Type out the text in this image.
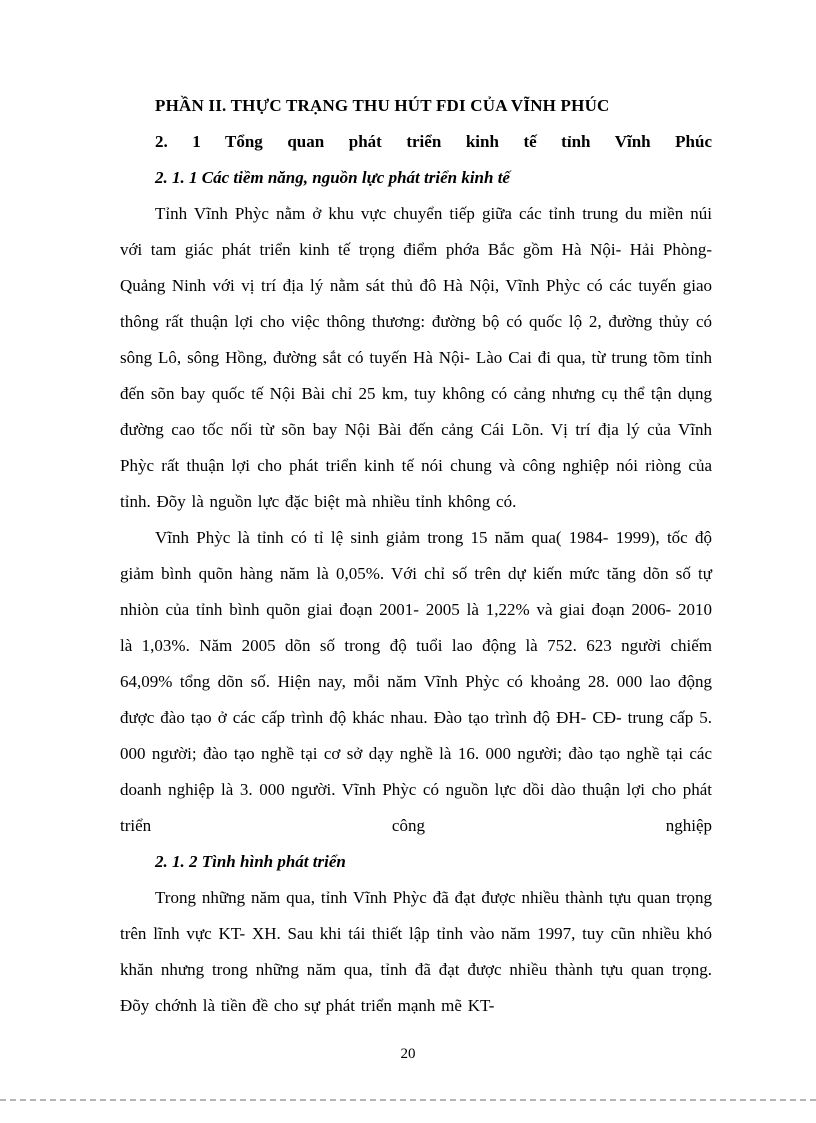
PHẦN II. THỰC TRẠNG THU HÚT FDI CỦA VĨNH PHÚC

2. 1 Tổng quan phát triển kinh tế tỉnh Vĩnh Phúc

2. 1. 1 Các tiềm năng, nguồn lực phát triển kinh tế

Tỉnh Vĩnh Phỳc nằm ở khu vực chuyển tiếp giữa các tỉnh trung du miền núi với tam giác phát triển kinh tế trọng điểm phớa Bắc gồm Hà Nội- Hải Phòng- Quảng Ninh với vị trí địa lý nằm sát thủ đô Hà Nội, Vĩnh Phỳc có các tuyến giao thông rất thuận lợi cho việc thông thương: đường bộ có quốc lộ 2, đường thủy có sông Lô, sông Hồng, đường sắt có tuyến Hà Nội- Lào Cai đi qua, từ trung tõm tỉnh đến sõn bay quốc tế Nội Bài chỉ 25 km, tuy không có cảng nhưng cụ thể tận dụng đường cao tốc nối từ sõn bay Nội Bài đến cảng Cái Lõn. Vị trí địa lý của Vĩnh Phỳc rất thuận lợi cho phát triển kinh tế nói chung và công nghiệp nói riòng của tỉnh. Đõy là nguồn lực đặc biệt mà nhiều tỉnh không có.

Vĩnh Phỳc là tỉnh có tỉ lệ sinh giảm trong 15 năm qua( 1984- 1999), tốc độ giảm bình quõn hàng năm là 0,05%. Với chỉ số trên dự kiến mức tăng dõn số tự nhiòn của tỉnh bình quõn giai đoạn 2001- 2005 là 1,22% và giai đoạn 2006- 2010 là 1,03%. Năm 2005 dõn số trong độ tuổi lao động là 752. 623 người chiếm 64,09% tổng dõn số. Hiện nay, mỗi năm Vĩnh Phỳc có khoảng 28. 000 lao động được đào tạo ở các cấp trình độ khác nhau. Đào tạo trình độ ĐH- CĐ- trung cấp 5. 000 người; đào tạo nghề tại cơ sở dạy nghề là 16. 000 người; đào tạo nghề tại các doanh nghiệp là 3. 000 người. Vĩnh Phỳc có nguồn lực dồi dào thuận lợi cho phát triển công nghiệp

2. 1. 2 Tình hình phát triển

Trong những năm qua, tỉnh Vĩnh Phỳc đã đạt được nhiều thành tựu quan trọng trên lĩnh vực KT- XH. Sau khi tái thiết lập tỉnh vào năm 1997, tuy cũn nhiều khó khăn nhưng trong những năm qua, tỉnh đã đạt được nhiều thành tựu quan trọng. Đõy chớnh là tiền đề cho sự phát triển mạnh mẽ KT-

20
